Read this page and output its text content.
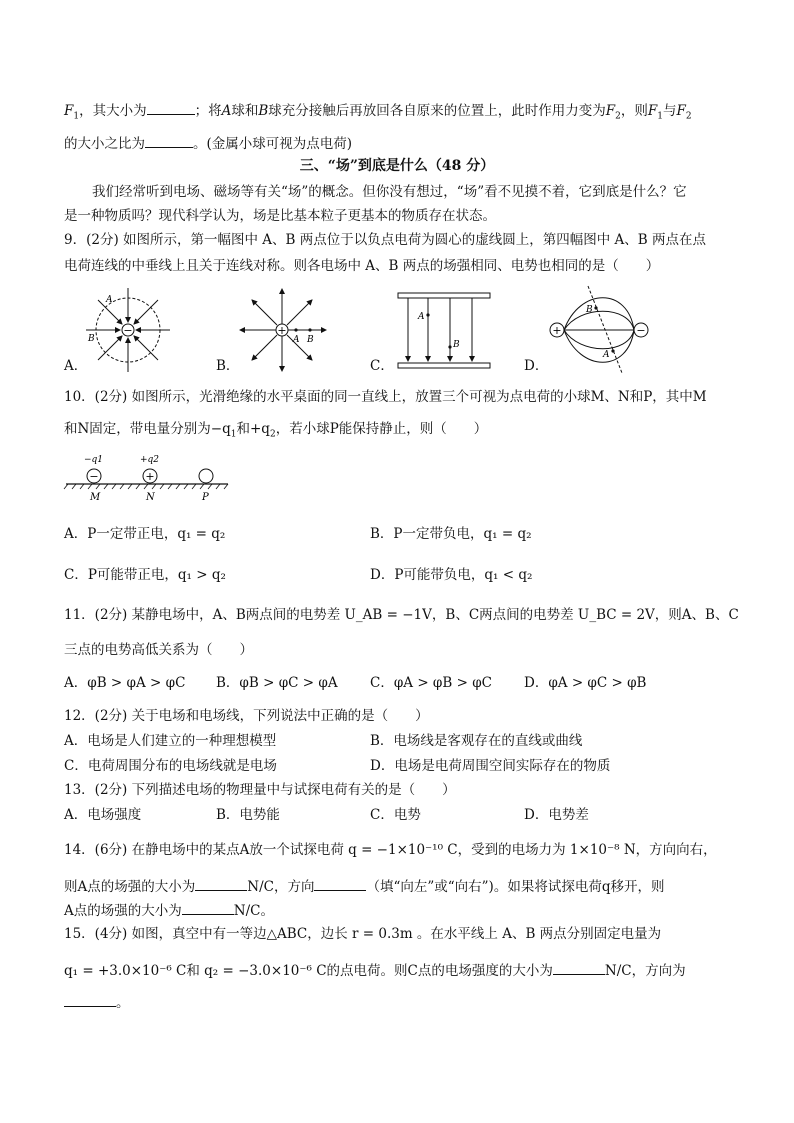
$F_1$，其大小为	；将A球和B球充分接触后再放回各自原来的位置上，此时作用力变为$F_2$，则$F_1$与$F_2$
的大小之比为	。(金属小球可视为点电荷)
三、“场”到底是什么（48 分）
我们经常听到电场、磁场等有关“场”的概念。但你没有想过，“场”看不见摸不着，它到底是什么？它
是一种物质吗？现代科学认为，场是比基本粒子更基本的物质存在状态。
9．(2分) 如图所示，第一幅图中 A、B 两点位于以负点电荷为圆心的虚线圆上，第四幅图中 A、B 两点在点
电荷连线的中垂线上且关于连线对称。则各电场中 A、B 两点的场强相同、电势也相同的是（　　）
−
A
B
+
A B
A
B
+	−
B
A
A．	B．	C．	D．
10．(2分) 如图所示，光滑绝缘的水平桌面的同一直线上，放置三个可视为点电荷的小球M、N和P，其中M
和N固定，带电量分别为$-q_1$和$+q_2$，若小球P能保持静止，则（　　）
−	+
−q1	+q2
M	N	P
A．P一定带正电，q₁ = q₂	B．P一定带负电，q₁ = q₂
C．P可能带正电，q₁ > q₂	D．P可能带负电，q₁ < q₂
11．(2分) 某静电场中，A、B两点间的电势差 U_AB = −1V，B、C两点间的电势差 U_BC = 2V，则A、B、C
三点的电势高低关系为（　　）
A．φB > φA > φC B．φB > φC > φA C．φA > φB > φC D．φA > φC > φB
12．(2分) 关于电场和电场线，下列说法中正确的是（　　）
A．电场是人们建立的一种理想模型	B．电场线是客观存在的直线或曲线
C．电荷周围分布的电场线就是电场	D．电场是电荷周围空间实际存在的物质
13．(2分) 下列描述电场的物理量中与试探电荷有关的是（　　）
A．电场强度	B．电势能	C．电势	D．电势差
14．(6分) 在静电场中的某点A放一个试探电荷 q = −1×10⁻¹⁰ C，受到的电场力为 1×10⁻⁸ N，方向向右，
则A点的场强的大小为	N/C，方向	（填“向左”或“向右”)。如果将试探电荷q移开，则
A点的场强的大小为	N/C。
15．(4分) 如图，真空中有一等边△ABC，边长 r = 0.3m 。在水平线上 A、B 两点分别固定电量为
q₁ = +3.0×10⁻⁶ C和 q₂ = −3.0×10⁻⁶ C的点电荷。则C点的电场强度的大小为	N/C，方向为
。
